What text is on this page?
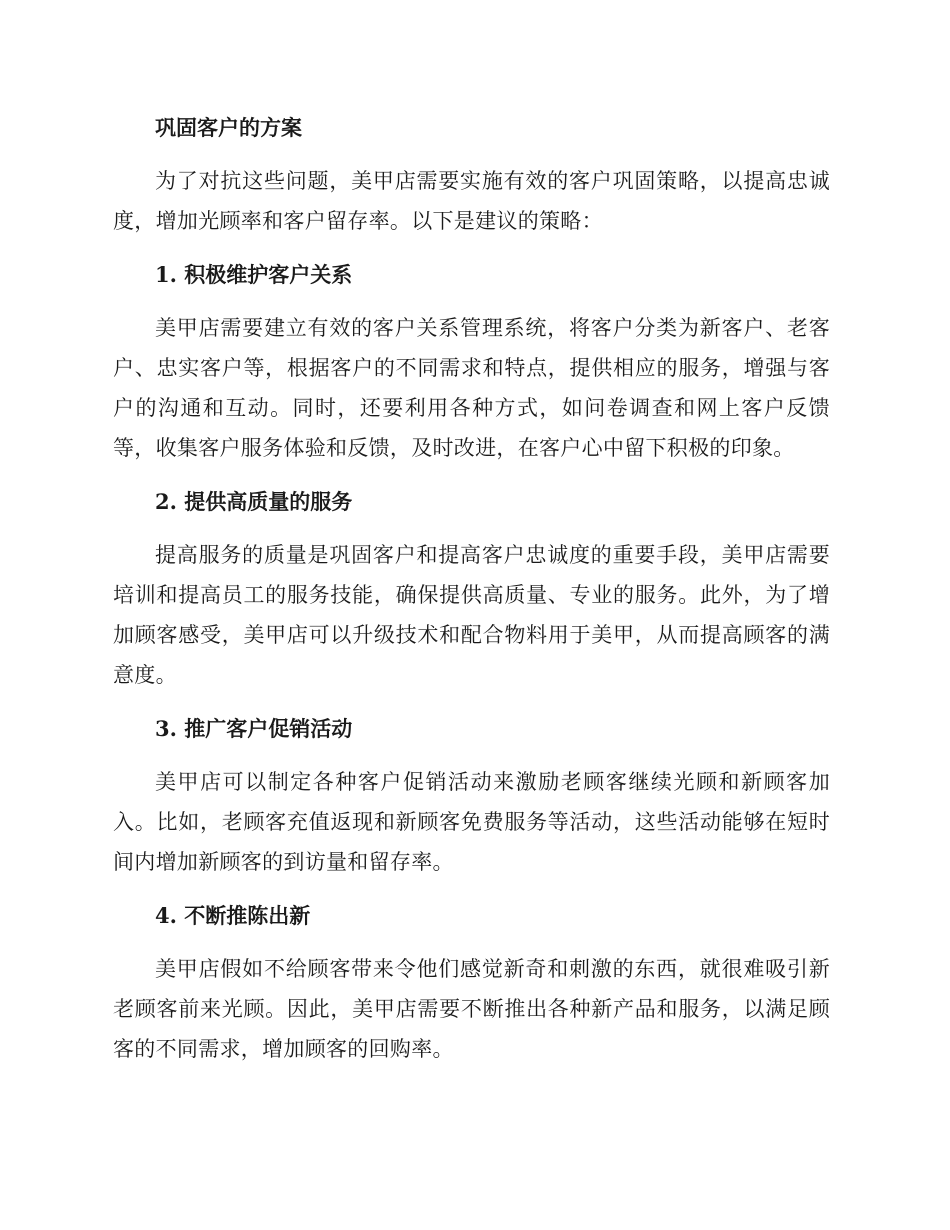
巩固客户的方案

为了对抗这些问题，美甲店需要实施有效的客户巩固策略，以提高忠诚度，增加光顾率和客户留存率。以下是建议的策略：

1. 积极维护客户关系

美甲店需要建立有效的客户关系管理系统，将客户分类为新客户、老客户、忠实客户等，根据客户的不同需求和特点，提供相应的服务，增强与客户的沟通和互动。同时，还要利用各种方式，如问卷调查和网上客户反馈等，收集客户服务体验和反馈，及时改进，在客户心中留下积极的印象。

2. 提供高质量的服务

提高服务的质量是巩固客户和提高客户忠诚度的重要手段，美甲店需要培训和提高员工的服务技能，确保提供高质量、专业的服务。此外，为了增加顾客感受，美甲店可以升级技术和配合物料用于美甲，从而提高顾客的满意度。

3. 推广客户促销活动

美甲店可以制定各种客户促销活动来激励老顾客继续光顾和新顾客加入。比如，老顾客充值返现和新顾客免费服务等活动，这些活动能够在短时间内增加新顾客的到访量和留存率。

4. 不断推陈出新

美甲店假如不给顾客带来令他们感觉新奇和刺激的东西，就很难吸引新老顾客前来光顾。因此，美甲店需要不断推出各种新产品和服务，以满足顾客的不同需求，增加顾客的回购率。
